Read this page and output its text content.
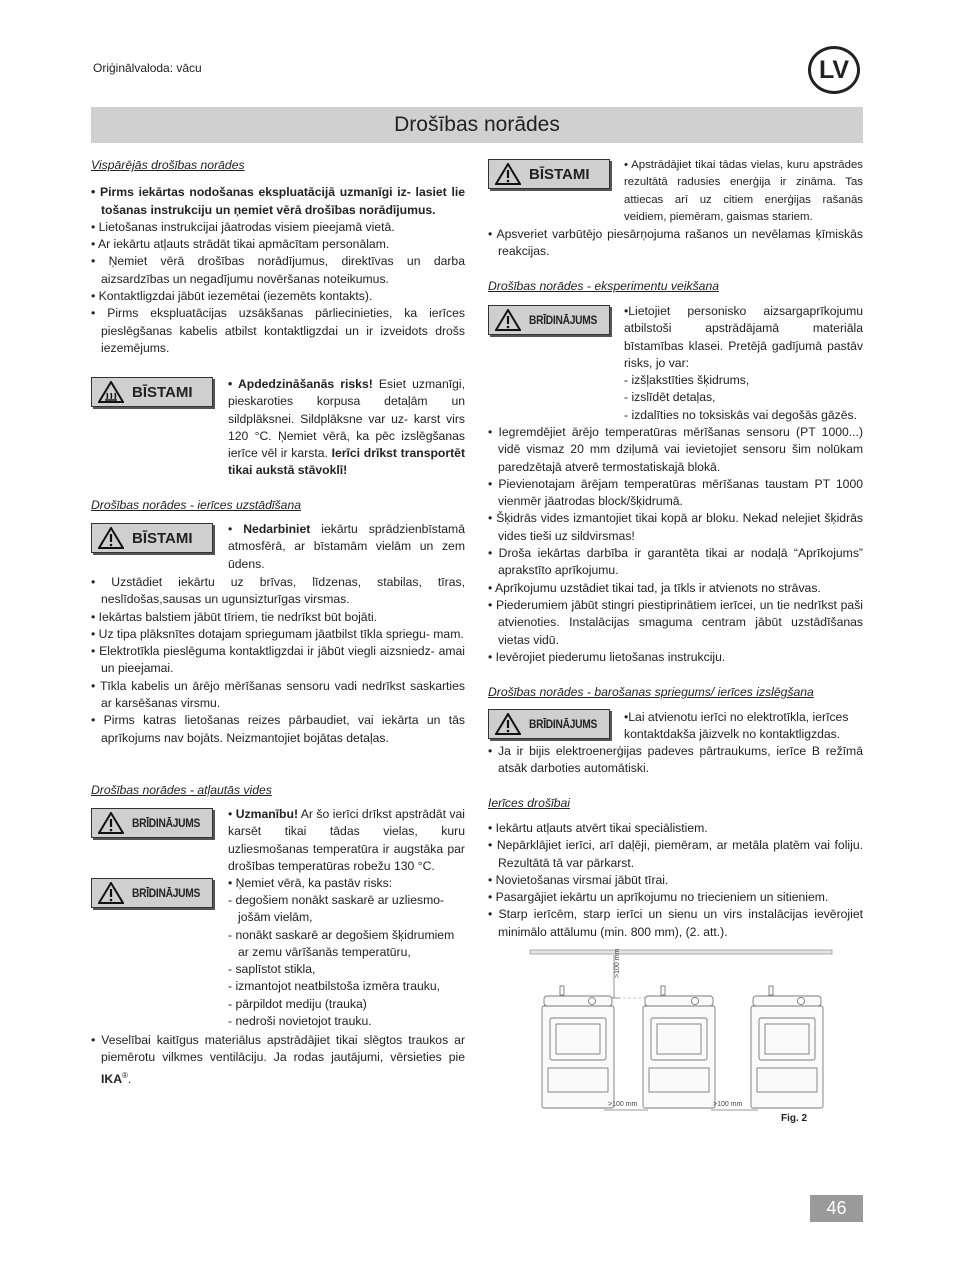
Oriģinālvaloda: vācu	LV
Drošības norādes

Vispārējās drošības norādes

• Pirms iekārtas nodošanas ekspluatācijā uzmanīgi iz- lasiet lie tošanas instrukciju un ņemiet vērā drošības norādījumus.

• Lietošanas instrukcijai jāatrodas visiem pieejamā vietā.

• Ar iekārtu atļauts strādāt tikai apmācītam personālam.

• Ņemiet vērā drošības norādījumus, direktīvas un darba aizsardzības un negadījumu novēršanas noteikumus.

• Kontaktligzdai jābūt iezemētai (iezemēts kontakts).

• Pirms ekspluatācijas uzsākšanas pārliecinieties, ka ierīces pieslēgšanas kabelis atbilst kontaktligzdai un ir izveidots drošs iezemējums.

BĪSTAMI	• Apdedzināšanās risks! Esiet uzmanīgi, pieskaroties korpusa detaļām un sildplāksnei. Sildplāksne var uz- karst virs 120 °C. Ņemiet vērā, ka pēc izslēgšanas ierīce vēl ir karsta. Ierīci drīkst transportēt tikai aukstā stāvoklī!

Drošības norādes - ierīces uzstādīšana

BĪSTAMI

• Nedarbiniet iekārtu sprādzienbīstamā atmosfērā, ar bīstamām vielām un zem ūdens.

• Uzstādiet iekārtu uz brīvas, līdzenas, stabilas, tīras, neslīdošas,sausas un ugunsizturīgas virsmas.

• Iekārtas balstiem jābūt tīriem, tie nedrīkst būt bojāti.

• Uz tipa plāksnītes dotajam spriegumam jāatbilst tīkla spriegu- mam.

• Elektrotīkla pieslēguma kontaktligzdai ir jābūt viegli aizsniedz- amai un pieejamai.

• Tīkla kabelis un ārējo mērīšanas sensoru vadi nedrīkst saskarties ar karsēšanas virsmu.

• Pirms katras lietošanas reizes pārbaudiet, vai iekārta un tās aprīkojums nav bojāts. Neizmantojiet bojātas detaļas.

Drošības norādes - atļautās vides

BRĪDINĀJUMS
BRĪDINĀJUMS

• Uzmanību! Ar šo ierīci drīkst apstrādāt vai karsēt tikai tādas vielas, kuru uzliesmošanas temperatūra ir augstāka par drošības temperatūras robežu 130 °C.

• Ņemiet vērā, ka pastāv risks:

- degošiem nonākt saskarē ar uzliesmo- jošām vielām,

- nonākt saskarē ar degošiem šķidrumiem ar zemu vārīšanās temperatūru,

- saplīstot stikla,

- izmantojot neatbilstoša izmēra trauku,

- pārpildot mediju (trauka)

- nedroši novietojot trauku.

• Veselībai kaitīgus materiālus apstrādājiet tikai slēgtos traukos ar piemērotu vilkmes ventilāciju. Ja rodas jautājumi, vērsieties pie IKA®.

BĪSTAMI

• Apstrādājiet tikai tādas vielas, kuru apstrādes rezultātā radusies enerģija ir zināma. Tas attiecas arī uz citiem enerģijas rašanās veidiem, piemēram, gaismas stariem.

• Apsveriet varbūtējo piesārņojuma rašanos un nevēlamas ķīmiskās reakcijas.

Drošības norādes - eksperimentu veikšana

BRĪDINĀJUMS

•Lietojiet personisko aizsargaprīkojumu atbilstoši apstrādājamā materiāla bīstamības klasei. Pretējā gadījumā pastāv risks, jo var:

- izšļakstīties šķidrums,

- izslīdēt detaļas,

- izdalīties no toksiskās vai degošās gāzēs.

• Iegremdējiet ārējo temperatūras mērīšanas sensoru (PT 1000...) vidē vismaz 20 mm dziļumā vai ievietojiet sensoru šim nolūkam paredzētajā atverē termostatiskajā blokā.

• Pievienotajam ārējam temperatūras mērīšanas taustam PT 1000 vienmēr jāatrodas block/šķidrumā.

• Šķidrās vides izmantojiet tikai kopā ar bloku. Nekad nelejiet šķidrās vides tieši uz sildvirsmas!

• Droša iekārtas darbība ir garantēta tikai ar nodaļā “Aprīkojums” aprakstīto aprīkojumu.

• Aprīkojumu uzstādiet tikai tad, ja tīkls ir atvienots no strāvas.

• Piederumiem jābūt stingri piestiprinātiem ierīcei, un tie nedrīkst paši atvienoties. Instalācijas smaguma centram jābūt uzstādīšanas vietas vidū.

• Ievērojiet piederumu lietošanas instrukciju.

Drošības norādes - barošanas spriegums/ ierīces izslēgšana

BRĪDINĀJUMS •Lai atvienotu ierīci no elektrotīkla, ierīces kontaktdakša jāizvelk no kontaktligzdas.

• Ja ir bijis elektroenerģijas padeves pārtraukums, ierīce B režīmā atsāk darboties automātiski.

Ierīces drošībai

• Iekārtu atļauts atvērt tikai speciālistiem.

• Nepārklājiet ierīci, arī daļēji, piemēram, ar metāla platēm vai foliju. Rezultātā tā var pārkarst.

• Novietošanas virsmai jābūt tīrai.

• Pasargājiet iekārtu un aprīkojumu no triecieniem un sitieniem.

• Starp ierīcēm, starp ierīci un sienu un virs instalācijas ievērojiet minimālo attālumu (min. 800 mm), (2. att.).

>100 mm
>100 mm	>100 mm
Fig. 2
46
